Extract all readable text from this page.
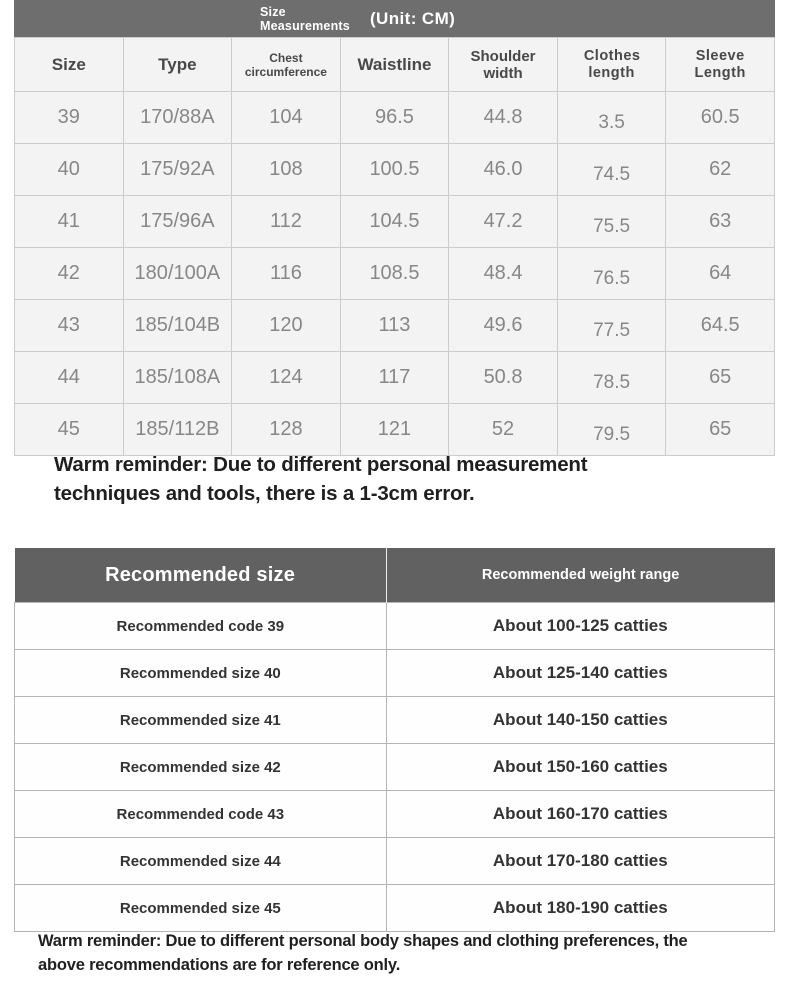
Size Measurements	(Unit: CM)
Size	Type	Chest circumference	Waistline	Shoulder width	Clothes length	Sleeve Length
39	170/88A	104	96.5	44.8	3.5	60.5
40	175/92A	108	100.5	46.0	74.5	62
41	175/96A	112	104.5	47.2	75.5	63
42	180/100A	116	108.5	48.4	76.5	64
43	185/104B	120	113	49.6	77.5	64.5
44	185/108A	124	117	50.8	78.5	65
45	185/112B	128	121	52	79.5	65
Warm reminder: Due to different personal measurement
techniques and tools, there is a 1-3cm error.
Recommended size	Recommended weight range
Recommended code 39	About 100-125 catties
Recommended size 40	About 125-140 catties
Recommended size 41	About 140-150 catties
Recommended size 42	About 150-160 catties
Recommended code 43	About 160-170 catties
Recommended size 44	About 170-180 catties
Recommended size 45	About 180-190 catties
Warm reminder: Due to different personal body shapes and clothing preferences, the
above recommendations are for reference only.
